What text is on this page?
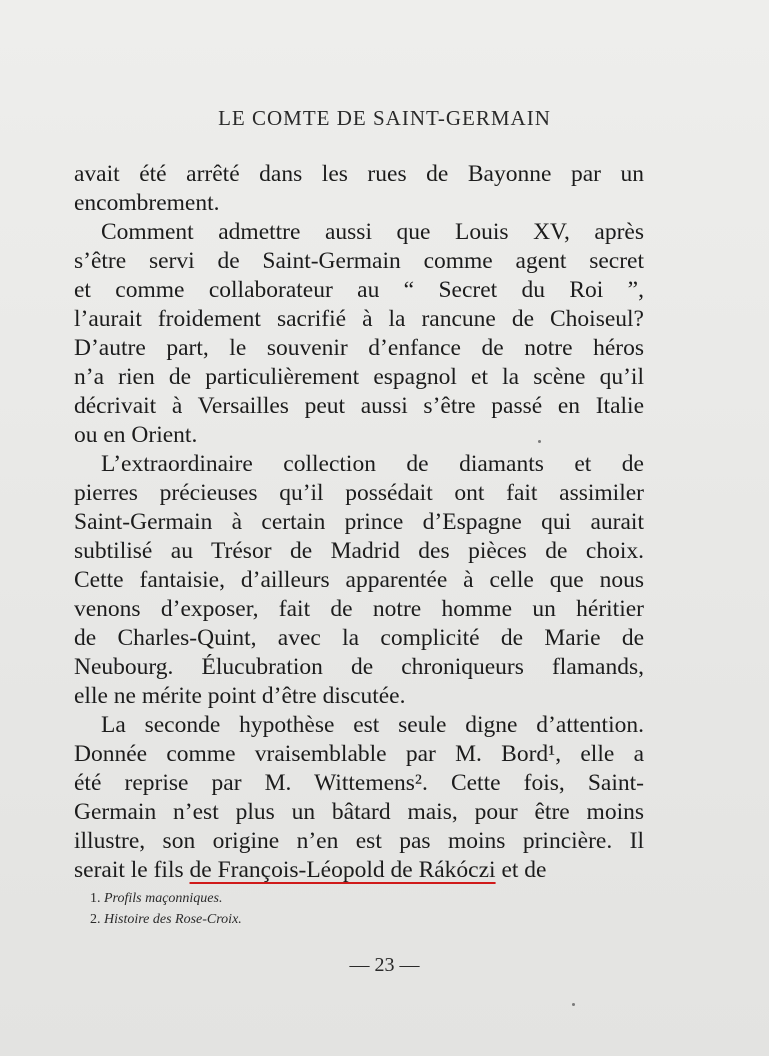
LE COMTE DE SAINT-GERMAIN
avait été arrêté dans les rues de Bayonne par un
encombrement.
Comment admettre aussi que Louis XV, après
s’être servi de Saint-Germain comme agent secret
et comme collaborateur au “ Secret du Roi ”,
l’aurait froidement sacrifié à la rancune de Choiseul?
D’autre part, le souvenir d’enfance de notre héros
n’a rien de particulièrement espagnol et la scène qu’il
décrivait à Versailles peut aussi s’être passé en Italie
ou en Orient.
L’extraordinaire collection de diamants et de
pierres précieuses qu’il possédait ont fait assimiler
Saint-Germain à certain prince d’Espagne qui aurait
subtilisé au Trésor de Madrid des pièces de choix.
Cette fantaisie, d’ailleurs apparentée à celle que nous
venons d’exposer, fait de notre homme un héritier
de Charles-Quint, avec la complicité de Marie de
Neubourg. Élucubration de chroniqueurs flamands,
elle ne mérite point d’être discutée.
La seconde hypothèse est seule digne d’attention.
Donnée comme vraisemblable par M. Bord¹, elle a
été reprise par M. Wittemens². Cette fois, Saint-
Germain n’est plus un bâtard mais, pour être moins
illustre, son origine n’en est pas moins princière. Il
serait le fils de François-Léopold de Rákóczi et de
1. Profils maçonniques.
2. Histoire des Rose-Croix.
— 23 —
